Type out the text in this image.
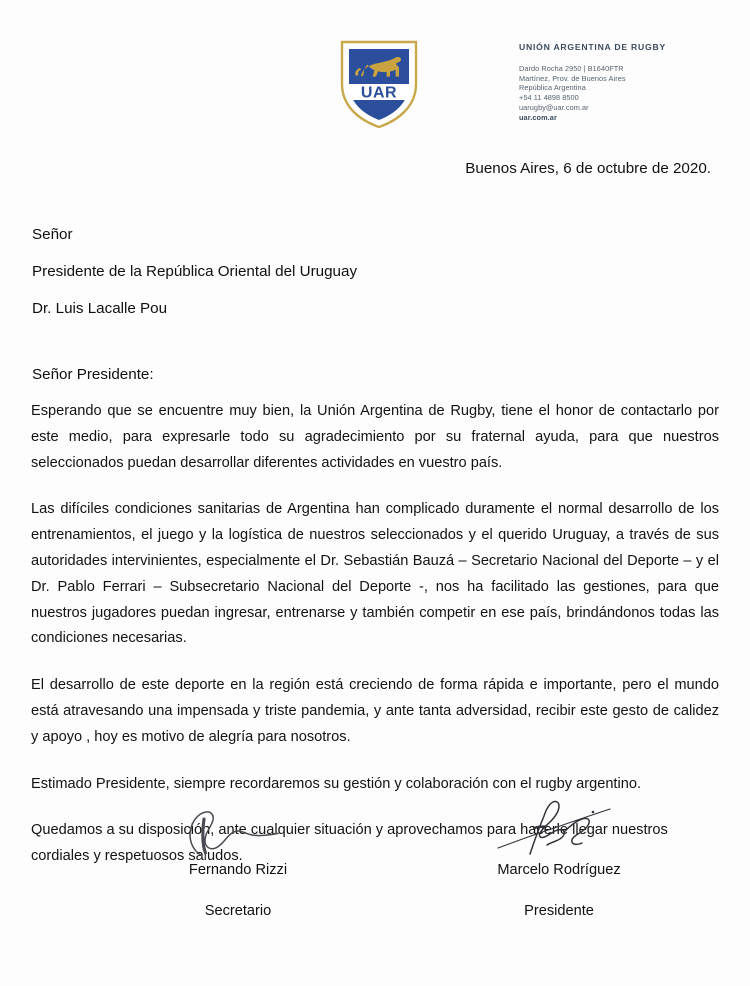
UAR
UNIÓN ARGENTINA DE RUGBY
Dardo Rocha 2950 | B1640FTR
Martínez, Prov. de Buenos Aires
República Argentina
+54 11 4898 8500
uarugby@uar.com.ar
uar.com.ar
Buenos Aires, 6 de octubre de 2020.
Señor
Presidente de la República Oriental del Uruguay
Dr. Luis Lacalle Pou
Señor Presidente:

Esperando que se encuentre muy bien, la Unión Argentina de Rugby, tiene el honor de contactarlo por este medio, para expresarle todo su agradecimiento por su fraternal ayuda, para que nuestros seleccionados puedan desarrollar diferentes actividades en vuestro país.

Las difíciles condiciones sanitarias de Argentina han complicado duramente el normal desarrollo de los entrenamientos, el juego y la logística de nuestros seleccionados y el querido Uruguay, a través de sus autoridades intervinientes, especialmente el Dr. Sebastián Bauzá – Secretario Nacional del Deporte – y el Dr. Pablo Ferrari – Subsecretario Nacional del Deporte -, nos ha facilitado las gestiones, para que nuestros jugadores puedan ingresar, entrenarse y también competir en ese país, brindándonos todas las condiciones necesarias.

El desarrollo de este deporte en la región está creciendo de forma rápida e importante, pero el mundo está atravesando una impensada y triste pandemia, y ante tanta adversidad, recibir este gesto de calidez y apoyo , hoy es motivo de alegría para nosotros.

Estimado Presidente, siempre recordaremos su gestión y colaboración con el rugby argentino.

Quedamos a su disposición, ante cualquier situación y aprovechamos para hacerle llegar nuestros cordiales y respetuosos saludos.

Fernando Rizzi
Secretario
Marcelo Rodríguez
Presidente
